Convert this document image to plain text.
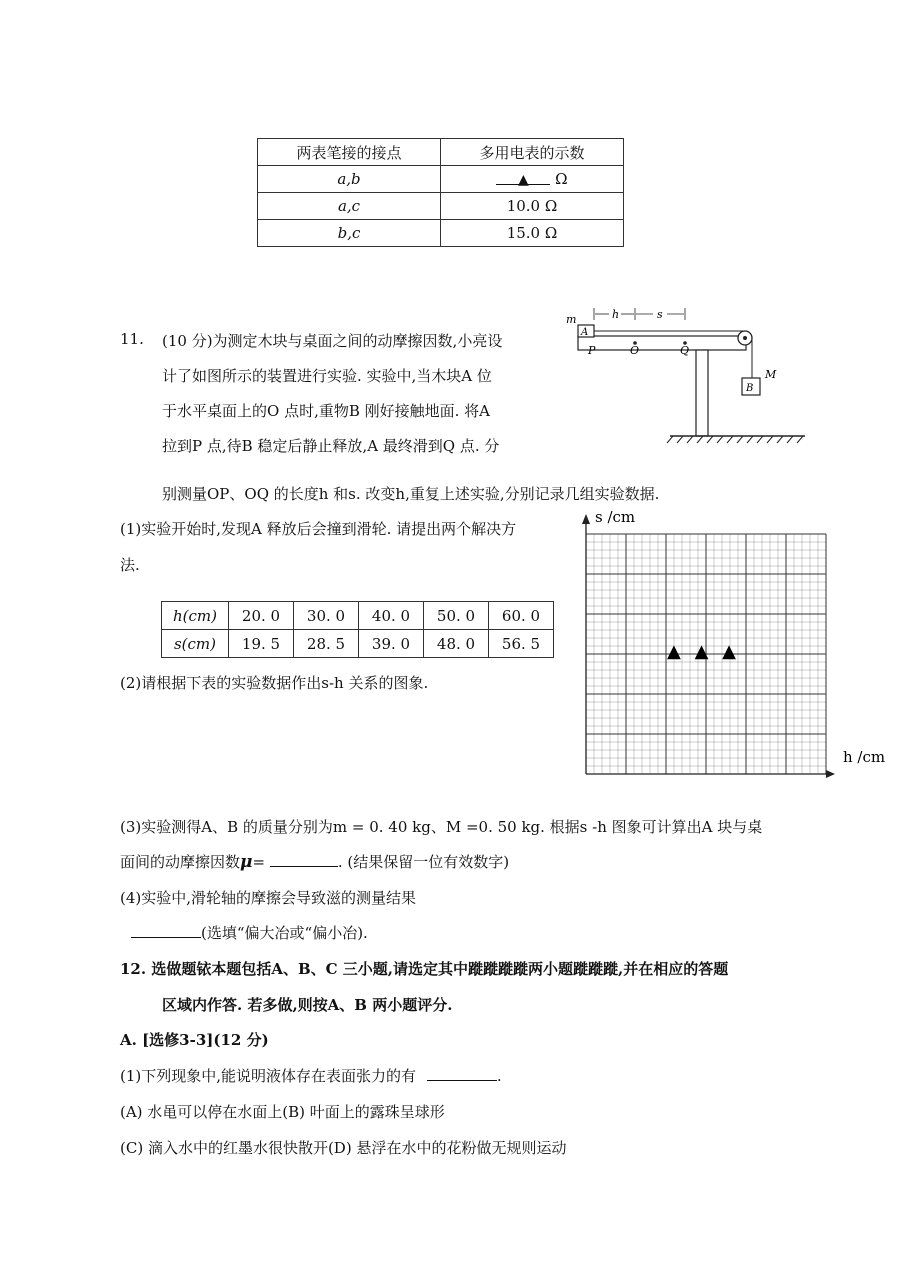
两表笔接的接点	多用电表的示数
a,b	▲ Ω
a,c	10.0 Ω
b,c	15.0 Ω
11. (10 分)为测定木块与桌面之间的动摩擦因数,小亮设
计了如图所示的装置进行实验. 实验中,当木块A 位
于水平桌面上的O 点时,重物B 刚好接触地面. 将A
拉到P 点,待B 稳定后静止释放,A 最终滑到Q 点. 分
别测量OP、OQ 的长度h 和s. 改变h,重复上述实验,分别记录几组实验数据.
A
m
B
M
h	s
P	O	Q
(1)实验开始时,发现A 释放后会撞到滑轮. 请提出两个解决方
法.
h(cm)	20. 0	30. 0	40. 0	50. 0	60. 0
s(cm)	19. 5	28. 5	39. 0	48. 0	56. 5
(2)请根据下表的实验数据作出s-h 关系的图象.
s /cm
h /cm
▲ ▲ ▲
(3)实验测得A、B 的质量分别为m = 0. 40 kg、M =0. 50 kg. 根据s -h 图象可计算出A 块与桌
面间的动摩擦因数μ=	. (结果保留一位有效数字)
(4)实验中,滑轮轴的摩擦会导致滋的测量结果
(选填“偏大冶或“偏小冶).
12. 选做题铱本题包括A、B、C 三小题,请选定其中蹝蹝蹝蹝两小题蹝蹝蹝,并在相应的答题
区域内作答. 若多做,则按A、B 两小题评分.
A. [选修3-3](12 分)
(1)下列现象中,能说明液体存在表面张力的有	.
(A) 水黾可以停在水面上(B) 叶面上的露珠呈球形
(C) 滴入水中的红墨水很快散开(D) 悬浮在水中的花粉做无规则运动
